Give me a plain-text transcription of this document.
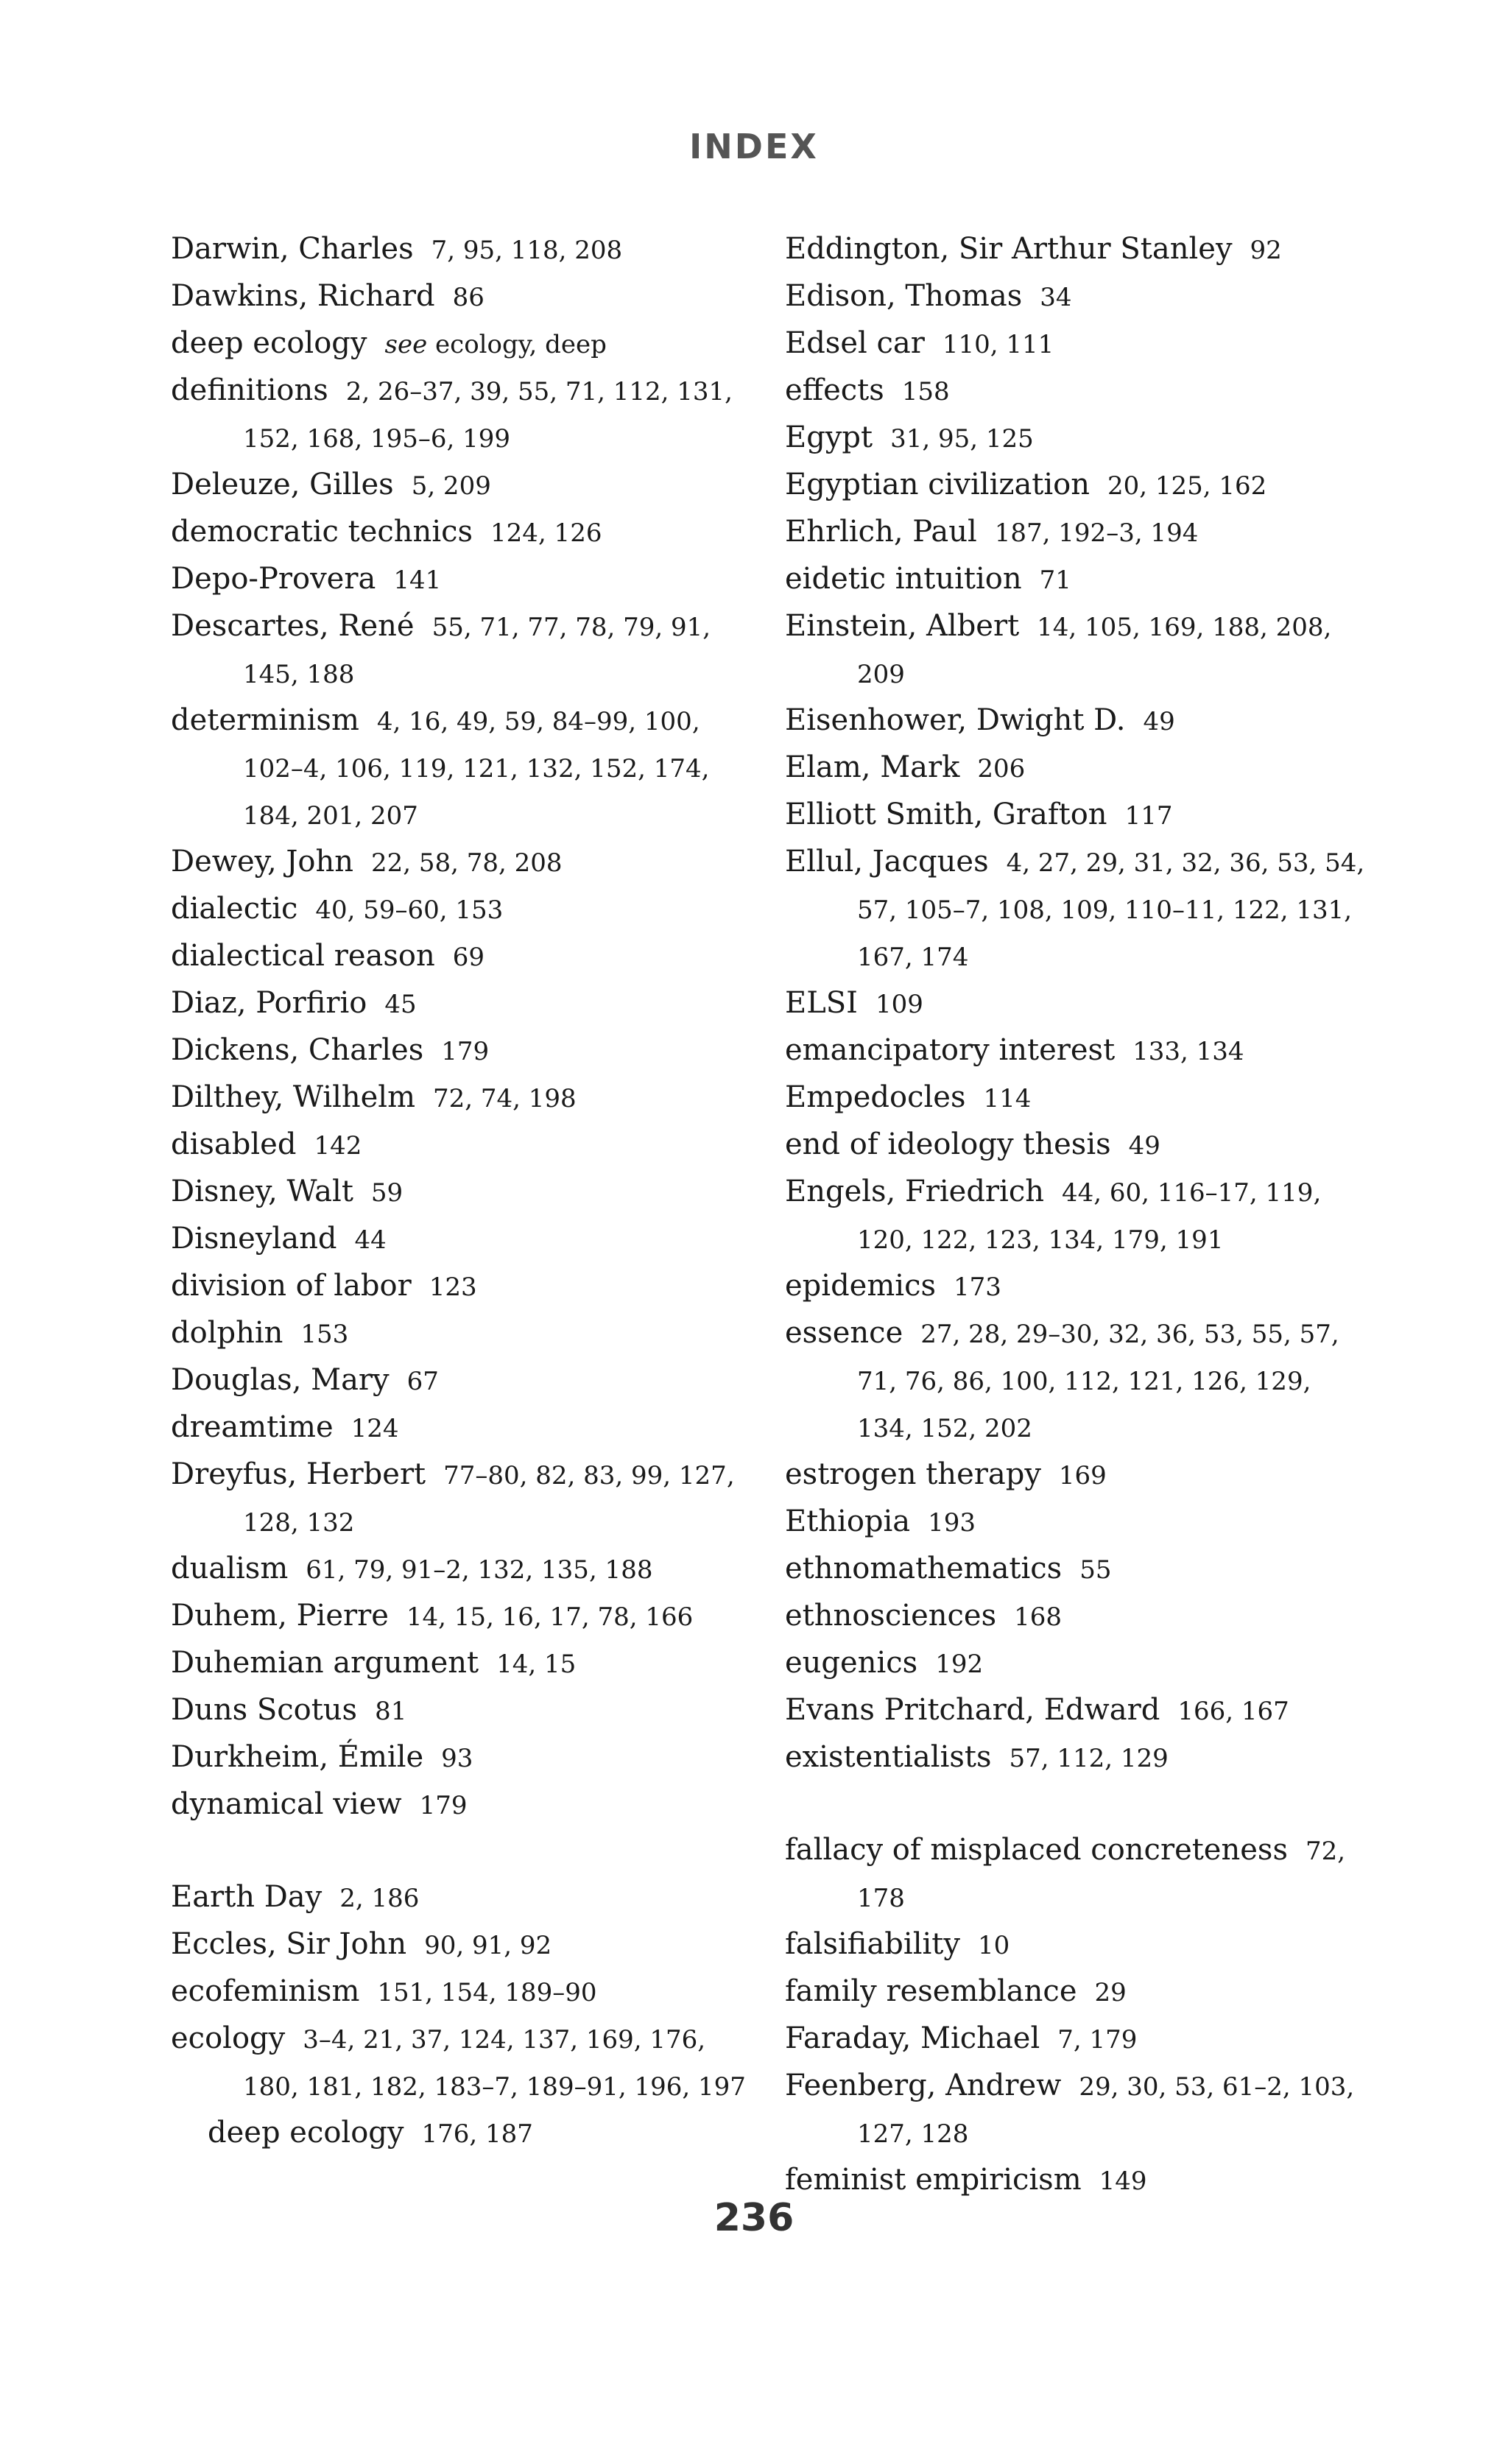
INDEX
Darwin, Charles 7, 95, 118, 208
Dawkins, Richard 86
deep ecology see ecology, deep
definitions 2, 26–37, 39, 55, 71, 112, 131, 152, 168, 195–6, 199
Deleuze, Gilles 5, 209
democratic technics 124, 126
Depo-Provera 141
Descartes, René 55, 71, 77, 78, 79, 91, 145, 188
determinism 4, 16, 49, 59, 84–99, 100, 102–4, 106, 119, 121, 132, 152, 174, 184, 201, 207
Dewey, John 22, 58, 78, 208
dialectic 40, 59–60, 153
dialectical reason 69
Diaz, Porfirio 45
Dickens, Charles 179
Dilthey, Wilhelm 72, 74, 198
disabled 142
Disney, Walt 59
Disneyland 44
division of labor 123
dolphin 153
Douglas, Mary 67
dreamtime 124
Dreyfus, Herbert 77–80, 82, 83, 99, 127, 128, 132
dualism 61, 79, 91–2, 132, 135, 188
Duhem, Pierre 14, 15, 16, 17, 78, 166
Duhemian argument 14, 15
Duns Scotus 81
Durkheim, Émile 93
dynamical view 179
Earth Day 2, 186
Eccles, Sir John 90, 91, 92
ecofeminism 151, 154, 189–90
ecology 3–4, 21, 37, 124, 137, 169, 176, 180, 181, 182, 183–7, 189–91, 196, 197
deep ecology 176, 187
Eddington, Sir Arthur Stanley 92
Edison, Thomas 34
Edsel car 110, 111
effects 158
Egypt 31, 95, 125
Egyptian civilization 20, 125, 162
Ehrlich, Paul 187, 192–3, 194
eidetic intuition 71
Einstein, Albert 14, 105, 169, 188, 208, 209
Eisenhower, Dwight D. 49
Elam, Mark 206
Elliott Smith, Grafton 117
Ellul, Jacques 4, 27, 29, 31, 32, 36, 53, 54, 57, 105–7, 108, 109, 110–11, 122, 131, 167, 174
ELSI 109
emancipatory interest 133, 134
Empedocles 114
end of ideology thesis 49
Engels, Friedrich 44, 60, 116–17, 119, 120, 122, 123, 134, 179, 191
epidemics 173
essence 27, 28, 29–30, 32, 36, 53, 55, 57, 71, 76, 86, 100, 112, 121, 126, 129, 134, 152, 202
estrogen therapy 169
Ethiopia 193
ethnomathematics 55
ethnosciences 168
eugenics 192
Evans Pritchard, Edward 166, 167
existentialists 57, 112, 129
fallacy of misplaced concreteness 72, 178
falsifiability 10
family resemblance 29
Faraday, Michael 7, 179
Feenberg, Andrew 29, 30, 53, 61–2, 103, 127, 128
feminist empiricism 149
236
